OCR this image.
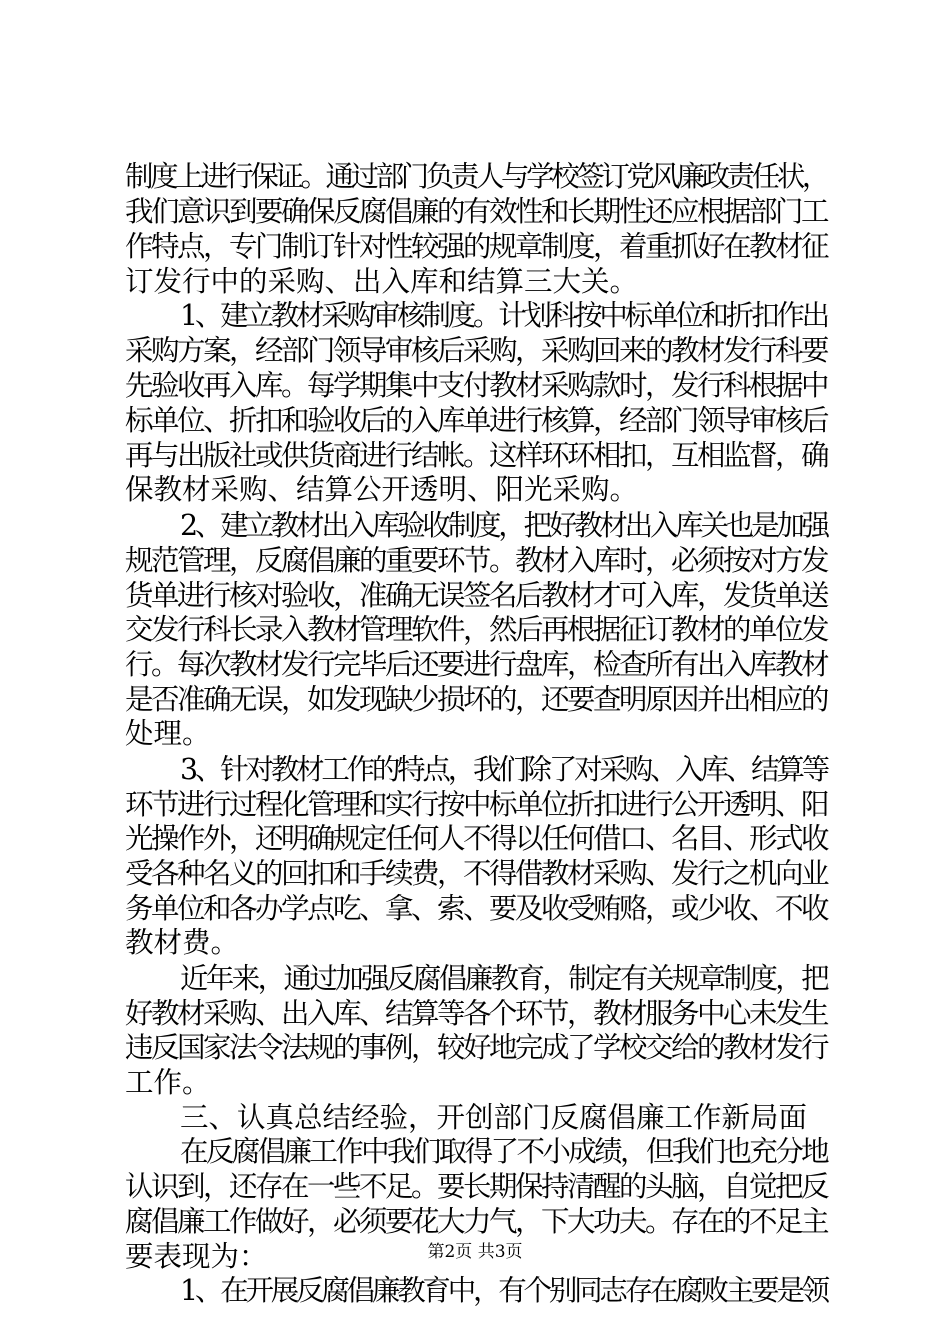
制度上进行保证。通过部门负责人与学校签订党风廉政责任状，
我们意识到要确保反腐倡廉的有效性和长期性还应根据部门工
作特点，专门制订针对性较强的规章制度，着重抓好在教材征
订发行中的采购、出入库和结算三大关。
1、建立教材采购审核制度。计划科按中标单位和折扣作出
采购方案，经部门领导审核后采购，采购回来的教材发行科要
先验收再入库。每学期集中支付教材采购款时，发行科根据中
标单位、折扣和验收后的入库单进行核算，经部门领导审核后
再与出版社或供货商进行结帐。这样环环相扣，互相监督，确
保教材采购、结算公开透明、阳光采购。
2、建立教材出入库验收制度，把好教材出入库关也是加强
规范管理，反腐倡廉的重要环节。教材入库时，必须按对方发
货单进行核对验收，准确无误签名后教材才可入库，发货单送
交发行科长录入教材管理软件，然后再根据征订教材的单位发
行。每次教材发行完毕后还要进行盘库，检查所有出入库教材
是否准确无误，如发现缺少损坏的，还要查明原因并出相应的
处理。
3、针对教材工作的特点，我们除了对采购、入库、结算等
环节进行过程化管理和实行按中标单位折扣进行公开透明、阳
光操作外，还明确规定任何人不得以任何借口、名目、形式收
受各种名义的回扣和手续费，不得借教材采购、发行之机向业
务单位和各办学点吃、拿、索、要及收受贿赂，或少收、不收
教材费。
近年来，通过加强反腐倡廉教育，制定有关规章制度，把
好教材采购、出入库、结算等各个环节，教材服务中心未发生
违反国家法令法规的事例，较好地完成了学校交给的教材发行
工作。
三、认真总结经验，开创部门反腐倡廉工作新局面
在反腐倡廉工作中我们取得了不小成绩，但我们也充分地
认识到，还存在一些不足。要长期保持清醒的头脑，自觉把反
腐倡廉工作做好，必须要花大力气，下大功夫。存在的不足主
要表现为：
1、在开展反腐倡廉教育中，有个别同志存在腐败主要是领
第2页 共3页
